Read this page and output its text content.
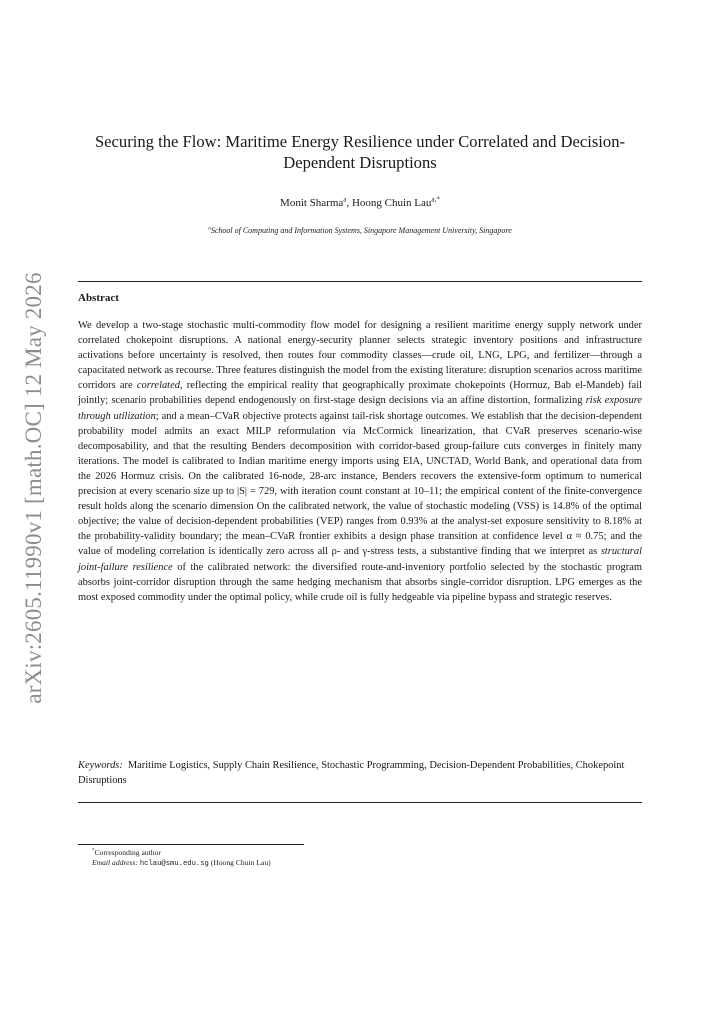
arXiv:2605.11990v1 [math.OC] 12 May 2026
Securing the Flow: Maritime Energy Resilience under Correlated and Decision-Dependent Disruptions
Monit Sharma$^a$, Hoong Chuin Lau$^{a,*}$
$^a$School of Computing and Information Systems, Singapore Management University, Singapore
Abstract

We develop a two-stage stochastic multi-commodity flow model for designing a resilient maritime energy supply network under correlated chokepoint disruptions. A national energy-security planner selects strategic inventory positions and infrastructure activations before uncertainty is resolved, then routes four commodity classes—crude oil, LNG, LPG, and fertilizer—through a capacitated network as recourse. Three features distinguish the model from the existing literature: disruption scenarios across maritime corridors are correlated, reflecting the empirical reality that geographically proximate chokepoints (Hormuz, Bab el-Mandeb) fail jointly; scenario probabilities depend endogenously on first-stage design decisions via an affine distortion, formalizing risk exposure through utilization; and a mean–CVaR objective protects against tail-risk shortage outcomes. We establish that the decision-dependent probability model admits an exact MILP reformulation via McCormick linearization, that CVaR preserves scenario-wise decomposability, and that the resulting Benders decomposition with corridor-based group-failure cuts converges in finitely many iterations. The model is calibrated to Indian maritime energy imports using EIA, UNCTAD, World Bank, and operational data from the 2026 Hormuz crisis. On the calibrated 16-node, 28-arc instance, Benders recovers the extensive-form optimum to numerical precision at every scenario size up to |S| = 729, with iteration count constant at 10–11; the empirical content of the finite-convergence result holds along the scenario dimension On the calibrated network, the value of stochastic modeling (VSS) is 14.8% of the optimal objective; the value of decision-dependent probabilities (VEP) ranges from 0.93% at the analyst-set exposure sensitivity to 8.18% at the probability-validity boundary; the mean–CVaR frontier exhibits a design phase transition at confidence level α ≈ 0.75; and the value of modeling correlation is identically zero across all ρ- and γ-stress tests, a substantive finding that we interpret as structural joint-failure resilience of the calibrated network: the diversified route-and-inventory portfolio selected by the stochastic program absorbs joint-corridor disruption through the same hedging mechanism that absorbs single-corridor disruption. LPG emerges as the most exposed commodity under the optimal policy, while crude oil is fully hedgeable via pipeline bypass and strategic reserves.

Keywords: Maritime Logistics, Supply Chain Resilience, Stochastic Programming, Decision-Dependent Probabilities, Chokepoint Disruptions

*Corresponding author
Email address: hclau@smu.edu.sg (Hoong Chuin Lau)
